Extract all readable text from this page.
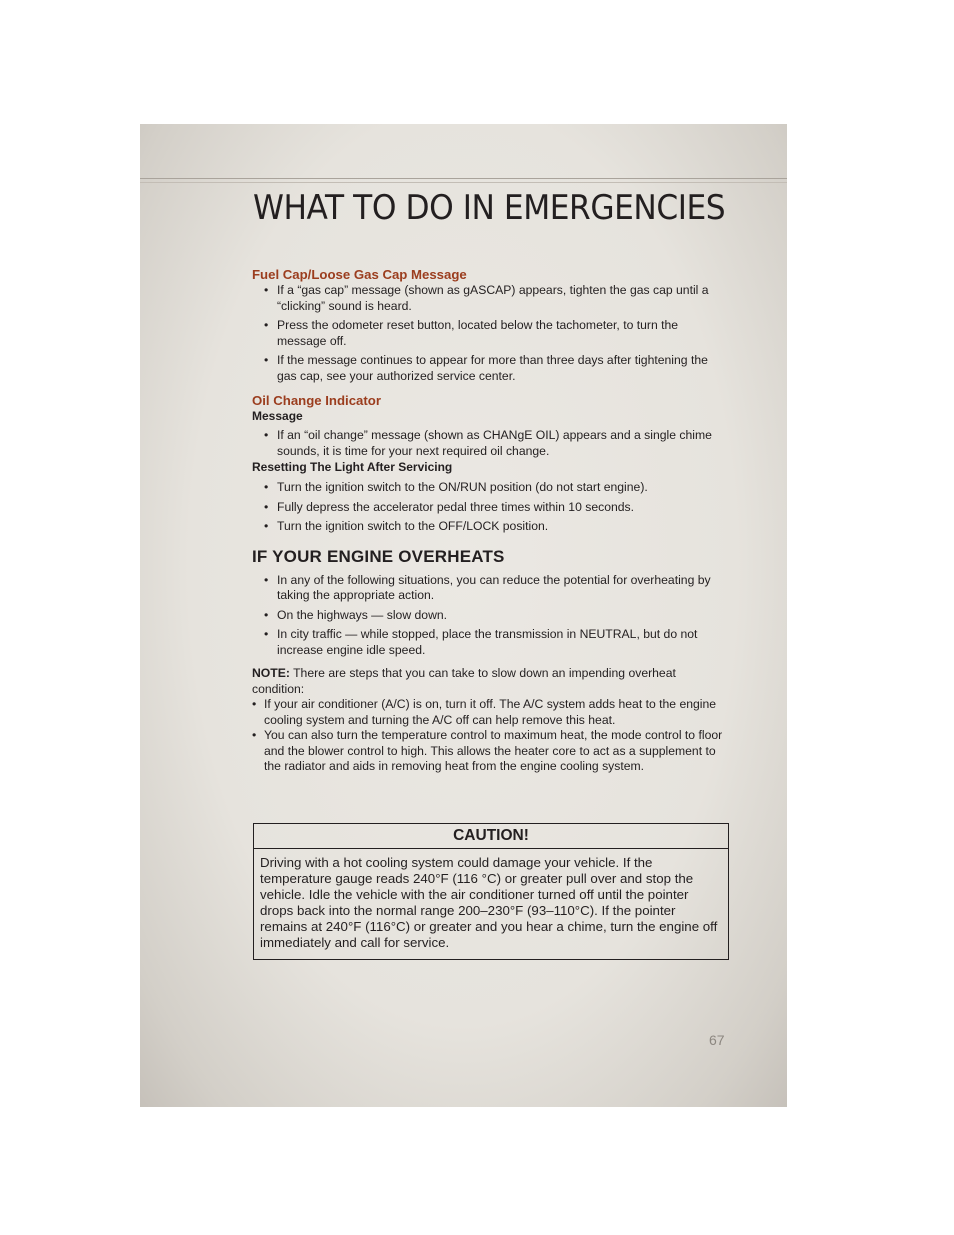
WHAT TO DO IN EMERGENCIES
Fuel Cap/Loose Gas Cap Message
• If a “gas cap” message (shown as gASCAP) appears, tighten the gas cap until a “clicking” sound is heard.
• Press the odometer reset button, located below the tachometer, to turn the message off.
• If the message continues to appear for more than three days after tightening the gas cap, see your authorized service center.
Oil Change Indicator

Message

• If an “oil change” message (shown as CHANgE OIL) appears and a single chime sounds, it is time for your next required oil change.

Resetting The Light After Servicing

• Turn the ignition switch to the ON/RUN position (do not start engine).
• Fully depress the accelerator pedal three times within 10 seconds.
• Turn the ignition switch to the OFF/LOCK position.
IF YOUR ENGINE OVERHEATS
• In any of the following situations, you can reduce the potential for overheating by taking the appropriate action.
• On the highways — slow down.
• In city traffic — while stopped, place the transmission in NEUTRAL, but do not increase engine idle speed.

NOTE: There are steps that you can take to slow down an impending overheat condition:

• If your air conditioner (A/C) is on, turn it off. The A/C system adds heat to the engine cooling system and turning the A/C off can help remove this heat.
• You can also turn the temperature control to maximum heat, the mode control to floor and the blower control to high. This allows the heater core to act as a supplement to the radiator and aids in removing heat from the engine cooling system.
CAUTION!
Driving with a hot cooling system could damage your vehicle. If the temperature gauge reads 240°F (116 °C) or greater pull over and stop the vehicle. Idle the vehicle with the air conditioner turned off until the pointer drops back into the normal range 200–230°F (93–110°C). If the pointer remains at 240°F (116°C) or greater and you hear a chime, turn the engine off immediately and call for service.
67
